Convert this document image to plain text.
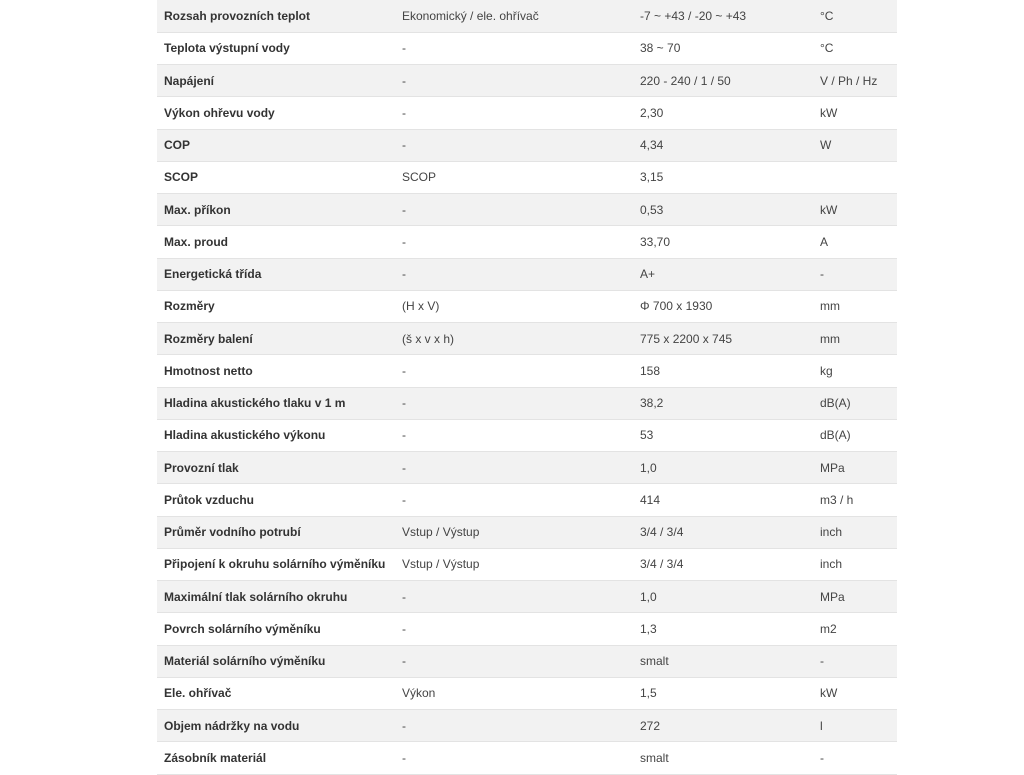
Rozsah provozních teplot	Ekonomický / ele. ohřívač	-7 ~ +43 / -20 ~ +43	°C
Teplota výstupní vody	-	38 ~ 70	°C
Napájení	-	220 - 240 / 1 / 50	V / Ph / Hz
Výkon ohřevu vody	-	2,30	kW
COP	-	4,34	W
SCOP	SCOP	3,15	
Max. příkon	-	0,53	kW
Max. proud	-	33,70	A
Energetická třída	-	A+	-
Rozměry	(H x V)	Φ 700 x 1930	mm
Rozměry balení	(š x v x h)	775 x 2200 x 745	mm
Hmotnost netto	-	158	kg
Hladina akustického tlaku v 1 m	-	38,2	dB(A)
Hladina akustického výkonu	-	53	dB(A)
Provozní tlak	-	1,0	MPa
Průtok vzduchu	-	414	m3 / h
Průměr vodního potrubí	Vstup / Výstup	3/4 / 3/4	inch
Připojení k okruhu solárního výměníku	Vstup / Výstup	3/4 / 3/4	inch
Maximální tlak solárního okruhu	-	1,0	MPa
Povrch solárního výměníku	-	1,3	m2
Materiál solárního výměníku	-	smalt	-
Ele. ohřívač	Výkon	1,5	kW
Objem nádržky na vodu	-	272	l
Zásobník materiál	-	smalt	-
